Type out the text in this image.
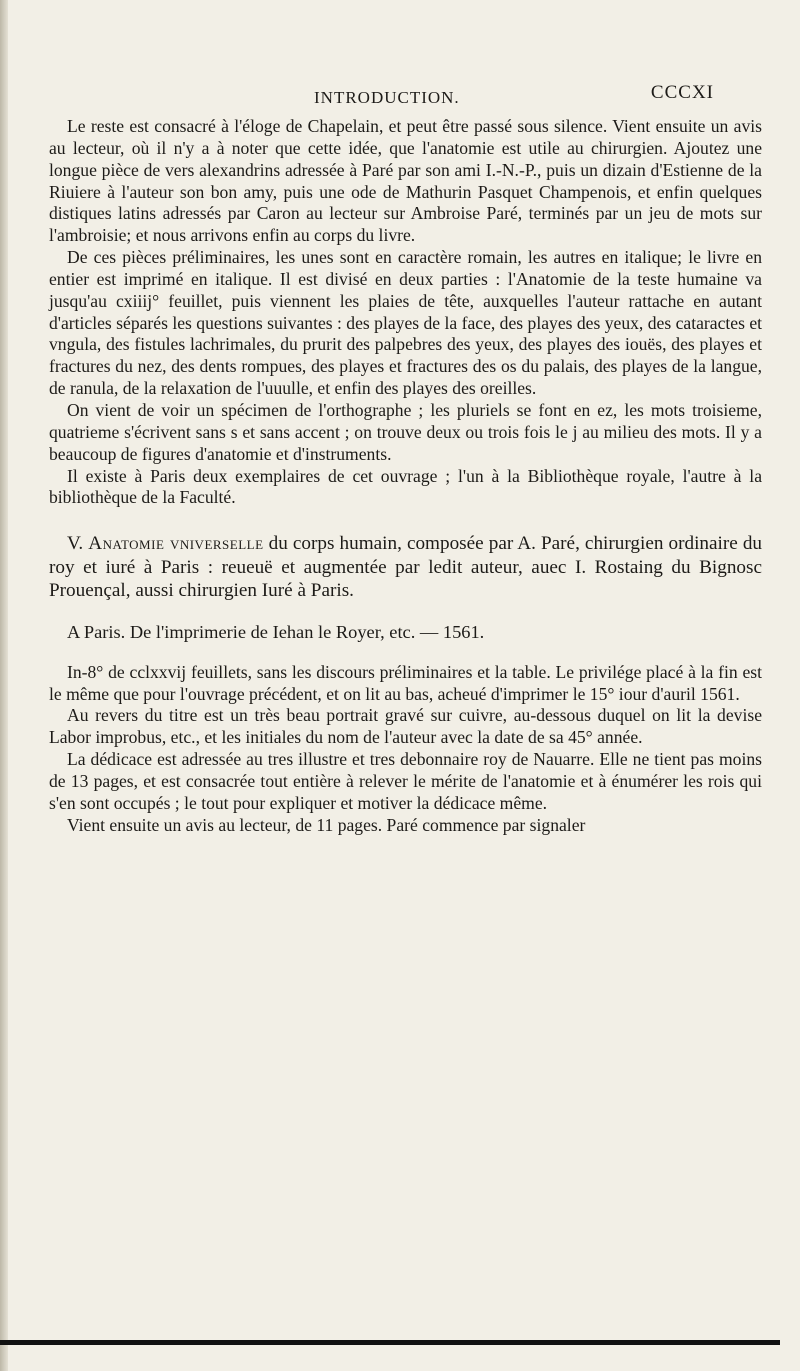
INTRODUCTION.	CCCXI

Le reste est consacré à l'éloge de Chapelain, et peut être passé sous silence. Vient ensuite un avis au lecteur, où il n'y a à noter que cette idée, que l'anatomie est utile au chirurgien. Ajoutez une longue pièce de vers alexandrins adressée à Paré par son ami I.-N.-P., puis un dizain d'Estienne de la Riuiere à l'auteur son bon amy, puis une ode de Mathurin Pasquet Champenois, et enfin quelques distiques latins adressés par Caron au lecteur sur Ambroise Paré, terminés par un jeu de mots sur l'ambroisie; et nous arrivons enfin au corps du livre.

De ces pièces préliminaires, les unes sont en caractère romain, les autres en italique; le livre en entier est imprimé en italique. Il est divisé en deux parties : l'Anatomie de la teste humaine va jusqu'au cxiiij° feuillet, puis viennent les plaies de tête, auxquelles l'auteur rattache en autant d'articles séparés les questions suivantes : des playes de la face, des playes des yeux, des cataractes et vngula, des fistules lachrimales, du prurit des palpebres des yeux, des playes des iouës, des playes et fractures du nez, des dents rompues, des playes et fractures des os du palais, des playes de la langue, de ranula, de la relaxation de l'uuulle, et enfin des playes des oreilles.

On vient de voir un spécimen de l'orthographe ; les pluriels se font en ez, les mots troisieme, quatrieme s'écrivent sans s et sans accent ; on trouve deux ou trois fois le j au milieu des mots. Il y a beaucoup de figures d'anatomie et d'instruments.

Il existe à Paris deux exemplaires de cet ouvrage ; l'un à la Bibliothèque royale, l'autre à la bibliothèque de la Faculté.

V. Anatomie vniverselle du corps humain, composée par A. Paré, chirurgien ordinaire du roy et iuré à Paris : reueuë et augmentée par ledit auteur, auec I. Rostaing du Bignosc Prouençal, aussi chirurgien Iuré à Paris.

A Paris. De l'imprimerie de Iehan le Royer, etc. — 1561.

In-8° de cclxxvij feuillets, sans les discours préliminaires et la table. Le privilége placé à la fin est le même que pour l'ouvrage précédent, et on lit au bas, acheué d'imprimer le 15° iour d'auril 1561.

Au revers du titre est un très beau portrait gravé sur cuivre, au-dessous duquel on lit la devise Labor improbus, etc., et les initiales du nom de l'auteur avec la date de sa 45° année.

La dédicace est adressée au tres illustre et tres debonnaire roy de Nauarre. Elle ne tient pas moins de 13 pages, et est consacrée tout entière à relever le mérite de l'anatomie et à énumérer les rois qui s'en sont occupés ; le tout pour expliquer et motiver la dédicace même.

Vient ensuite un avis au lecteur, de 11 pages. Paré commence par signaler
